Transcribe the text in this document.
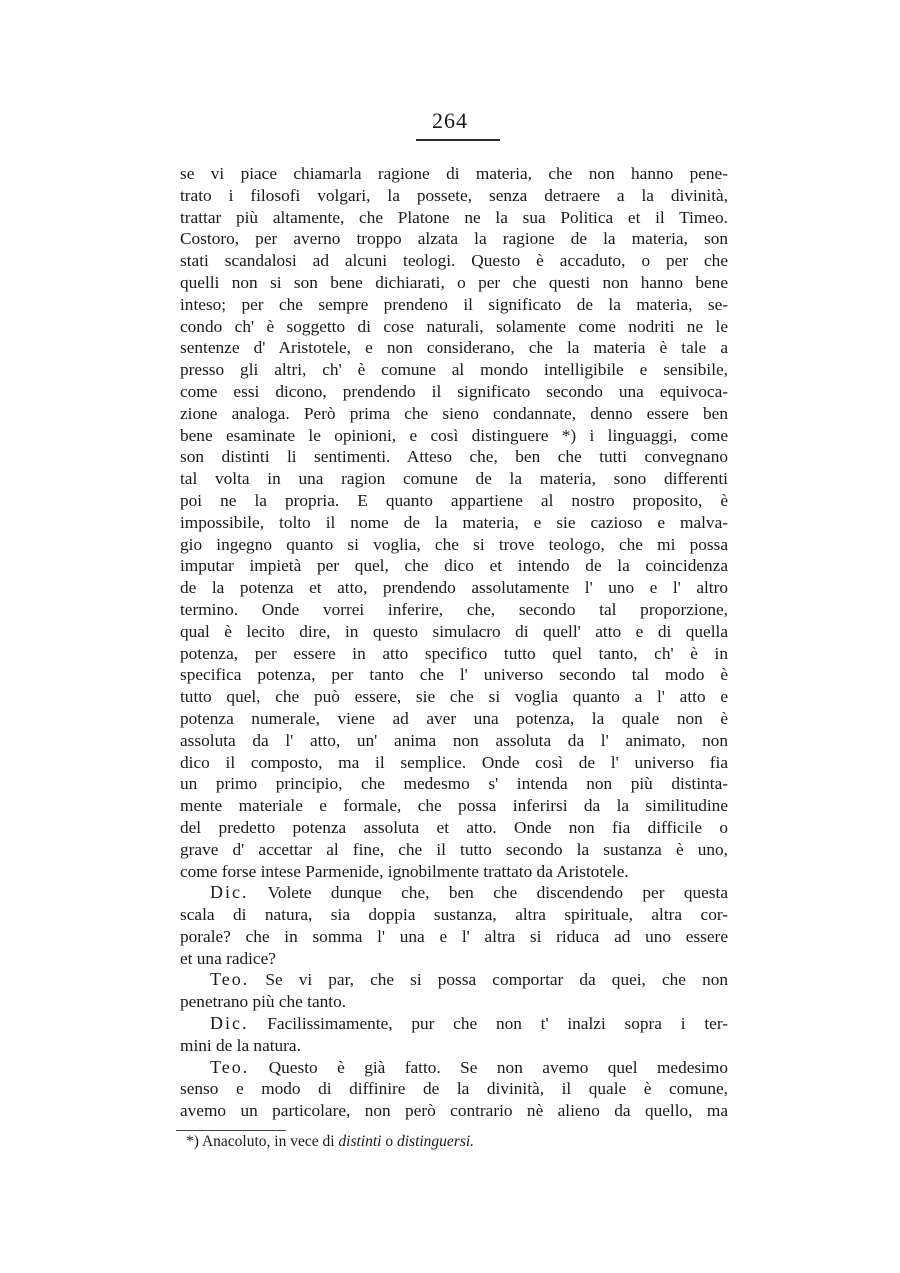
264
se vi piace chiamarla ragione di materia, che non hanno pene-
trato i filosofi volgari, la possete, senza detraere a la divinità,
trattar più altamente, che Platone ne la sua Politica et il Timeo.
Costoro, per averno troppo alzata la ragione de la materia, son
stati scandalosi ad alcuni teologi. Questo è accaduto, o per che
quelli non si son bene dichiarati, o per che questi non hanno bene
inteso; per che sempre prendeno il significato de la materia, se-
condo ch' è soggetto di cose naturali, solamente come nodriti ne le
sentenze d' Aristotele, e non considerano, che la materia è tale a
presso gli altri, ch' è comune al mondo intelligibile e sensibile,
come essi dicono, prendendo il significato secondo una equivoca-
zione analoga. Però prima che sieno condannate, denno essere ben
bene esaminate le opinioni, e così distinguere *) i linguaggi, come
son distinti li sentimenti. Atteso che, ben che tutti convegnano
tal volta in una ragion comune de la materia, sono differenti
poi ne la propria. E quanto appartiene al nostro proposito, è
impossibile, tolto il nome de la materia, e sie cazioso e malva-
gio ingegno quanto si voglia, che si trove teologo, che mi possa
imputar impietà per quel, che dico et intendo de la coincidenza
de la potenza et atto, prendendo assolutamente l' uno e l' altro
termino. Onde vorrei inferire, che, secondo tal proporzione,
qual è lecito dire, in questo simulacro di quell' atto e di quella
potenza, per essere in atto specifico tutto quel tanto, ch' è in
specifica potenza, per tanto che l' universo secondo tal modo è
tutto quel, che può essere, sie che si voglia quanto a l' atto e
potenza numerale, viene ad aver una potenza, la quale non è
assoluta da l' atto, un' anima non assoluta da l' animato, non
dico il composto, ma il semplice. Onde così de l' universo fia
un primo principio, che medesmo s' intenda non più distinta-
mente materiale e formale, che possa inferirsi da la similitudine
del predetto potenza assoluta et atto. Onde non fia difficile o
grave d' accettar al fine, che il tutto secondo la sustanza è uno,
come forse intese Parmenide, ignobilmente trattato da Aristotele.
Dic. Volete dunque che, ben che discendendo per questa
scala di natura, sia doppia sustanza, altra spirituale, altra cor-
porale? che in somma l' una e l' altra si riduca ad uno essere
et una radice?
Teo. Se vi par, che si possa comportar da quei, che non
penetrano più che tanto.
Dic. Facilissimamente, pur che non t' inalzi sopra i ter-
mini de la natura.
Teo. Questo è già fatto. Se non avemo quel medesimo
senso e modo di diffinire de la divinità, il quale è comune,
avemo un particolare, non però contrario nè alieno da quello, ma
*) Anacoluto, in vece di distinti o distinguersi.
